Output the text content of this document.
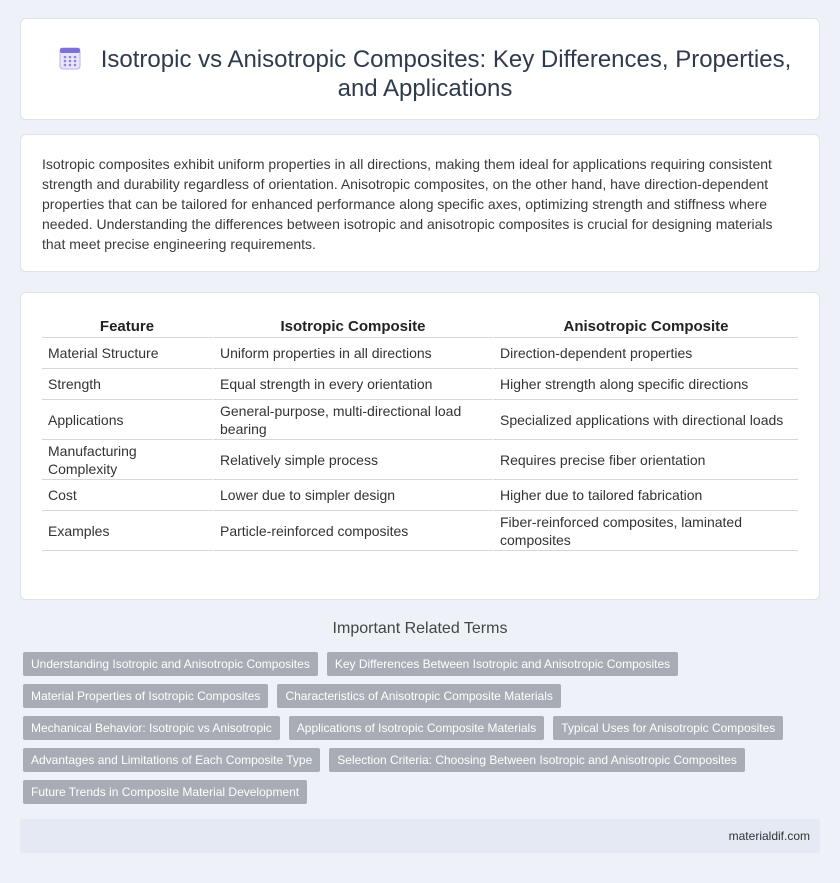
Isotropic vs Anisotropic Composites: Key Differences, Properties, and Applications

Isotropic composites exhibit uniform properties in all directions, making them ideal for applications requiring consistent strength and durability regardless of orientation. Anisotropic composites, on the other hand, have direction-dependent properties that can be tailored for enhanced performance along specific axes, optimizing strength and stiffness where needed. Understanding the differences between isotropic and anisotropic composites is crucial for designing materials that meet precise engineering requirements.

Feature	Isotropic Composite	Anisotropic Composite
Material Structure	Uniform properties in all directions	Direction-dependent properties
Strength	Equal strength in every orientation	Higher strength along specific directions
Applications	General-purpose, multi-directional load bearing	Specialized applications with directional loads
Manufacturing Complexity	Relatively simple process	Requires precise fiber orientation
Cost	Lower due to simpler design	Higher due to tailored fabrication
Examples	Particle-reinforced composites	Fiber-reinforced composites, laminated composites
Important Related Terms
Understanding Isotropic and Anisotropic Composites	Key Differences Between Isotropic and Anisotropic Composites
Material Properties of Isotropic Composites	Characteristics of Anisotropic Composite Materials
Mechanical Behavior: Isotropic vs Anisotropic	Applications of Isotropic Composite Materials	Typical Uses for Anisotropic Composites
Advantages and Limitations of Each Composite Type	Selection Criteria: Choosing Between Isotropic and Anisotropic Composites
Future Trends in Composite Material Development
materialdif.com
